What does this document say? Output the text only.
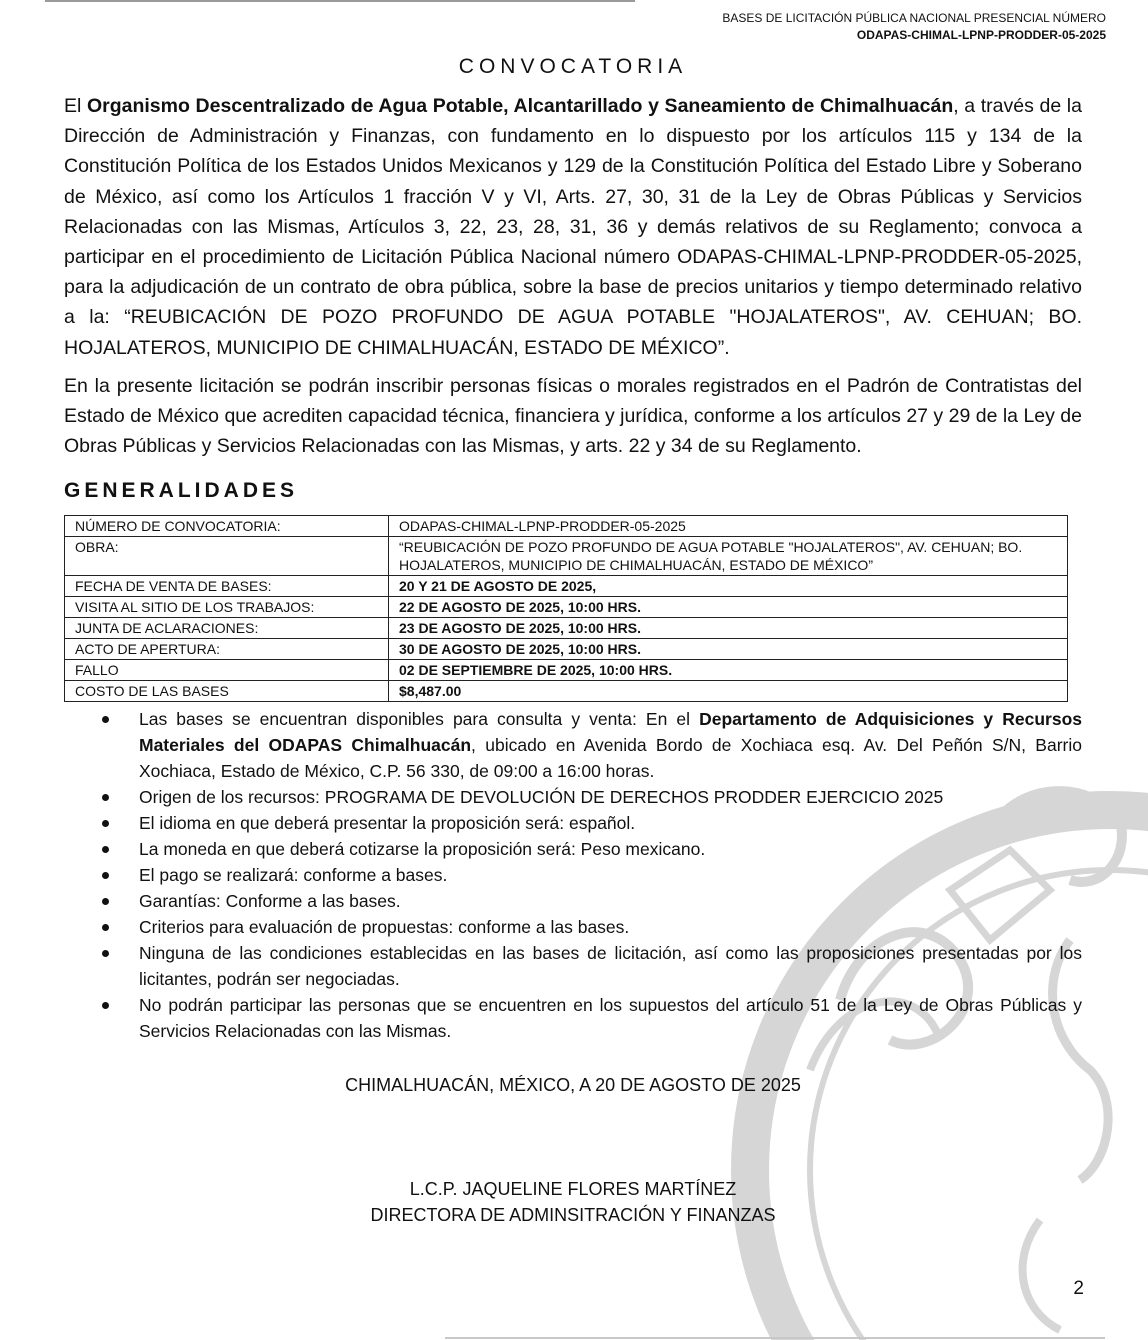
BASES DE LICITACIÓN PÚBLICA NACIONAL PRESENCIAL NÚMERO
ODAPAS-CHIMAL-LPNP-PRODDER-05-2025
CONVOCATORIA

El Organismo Descentralizado de Agua Potable, Alcantarillado y Saneamiento de Chimalhuacán, a través de la Dirección de Administración y Finanzas, con fundamento en lo dispuesto por los artículos 115 y 134 de la Constitución Política de los Estados Unidos Mexicanos y 129 de la Constitución Política del Estado Libre y Soberano de México, así como los Artículos 1 fracción V y VI, Arts. 27, 30, 31 de la Ley de Obras Públicas y Servicios Relacionadas con las Mismas, Artículos 3, 22, 23, 28, 31, 36 y demás relativos de su Reglamento; convoca a participar en el procedimiento de Licitación Pública Nacional número ODAPAS-CHIMAL-LPNP-PRODDER-05-2025, para la adjudicación de un contrato de obra pública, sobre la base de precios unitarios y tiempo determinado relativo a la: “REUBICACIÓN DE POZO PROFUNDO DE AGUA POTABLE "HOJALATEROS", AV. CEHUAN; BO. HOJALATEROS, MUNICIPIO DE CHIMALHUACÁN, ESTADO DE MÉXICO”.

En la presente licitación se podrán inscribir personas físicas o morales registrados en el Padrón de Contratistas del Estado de México que acrediten capacidad técnica, financiera y jurídica, conforme a los artículos 27 y 29 de la Ley de Obras Públicas y Servicios Relacionadas con las Mismas, y arts. 22 y 34 de su Reglamento.

GENERALIDADES
NÚMERO DE CONVOCATORIA:	ODAPAS-CHIMAL-LPNP-PRODDER-05-2025
OBRA:	“REUBICACIÓN DE POZO PROFUNDO DE AGUA POTABLE "HOJALATEROS", AV. CEHUAN; BO. HOJALATEROS, MUNICIPIO DE CHIMALHUACÁN, ESTADO DE MÉXICO”
FECHA DE VENTA DE BASES:	20 Y 21 DE AGOSTO DE 2025,
VISITA AL SITIO DE LOS TRABAJOS:	22 DE AGOSTO DE 2025, 10:00 HRS.
JUNTA DE ACLARACIONES:	23 DE AGOSTO DE 2025, 10:00 HRS.
ACTO DE APERTURA:	30 DE AGOSTO DE 2025, 10:00 HRS.
FALLO	02 DE SEPTIEMBRE DE 2025, 10:00 HRS.
COSTO DE LAS BASES	$8,487.00
Las bases se encuentran disponibles para consulta y venta: En el Departamento de Adquisiciones y Recursos Materiales del ODAPAS Chimalhuacán, ubicado en Avenida Bordo de Xochiaca esq. Av. Del Peñón S/N, Barrio Xochiaca, Estado de México, C.P. 56 330, de 09:00 a 16:00 horas.
Origen de los recursos: PROGRAMA DE DEVOLUCIÓN DE DERECHOS PRODDER EJERCICIO 2025
El idioma en que deberá presentar la proposición será: español.
La moneda en que deberá cotizarse la proposición será: Peso mexicano.
El pago se realizará: conforme a bases.
Garantías: Conforme a las bases.
Criterios para evaluación de propuestas: conforme a las bases.
Ninguna de las condiciones establecidas en las bases de licitación, así como las proposiciones presentadas por los licitantes, podrán ser negociadas.
No podrán participar las personas que se encuentren en los supuestos del artículo 51 de la Ley de Obras Públicas y Servicios Relacionadas con las Mismas.
CHIMALHUACÁN, MÉXICO, A 20 DE AGOSTO DE 2025
L.C.P. JAQUELINE FLORES MARTÍNEZ
DIRECTORA DE ADMINSITRACIÓN Y FINANZAS
2
